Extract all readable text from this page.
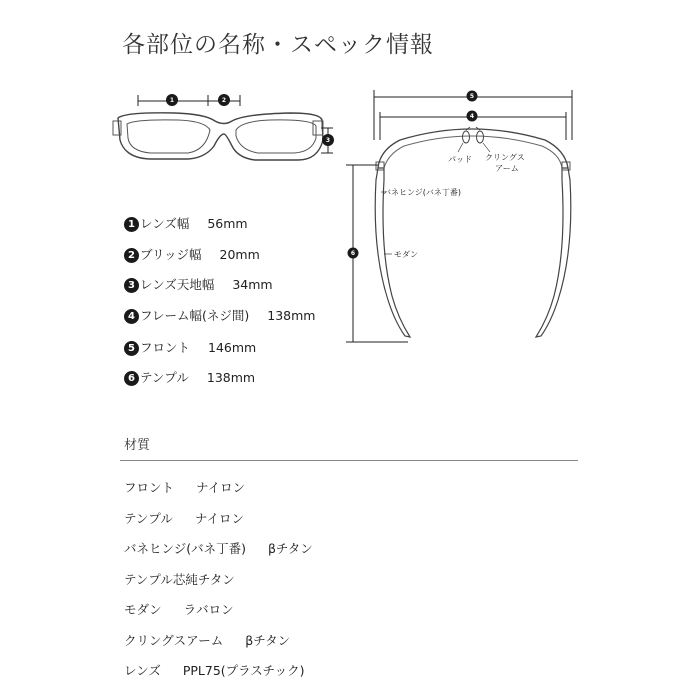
各部位の名称・スペック情報
1	2
3
5
4
パッド クリングス
アーム
バネヒンジ(バネ丁番)
モダン
6
1 レンズ幅 56mm
2 ブリッジ幅 20mm
3 レンズ天地幅 34mm
4 フレーム幅(ネジ間) 138mm
5 フロント 146mm
6 テンプル 138mm
材質
フロント ナイロン
テンプル ナイロン
バネヒンジ(バネ丁番) βチタン
テンプル芯純チタン
モダン ラバロン
クリングスアーム βチタン
レンズ PPL75(プラスチック)
